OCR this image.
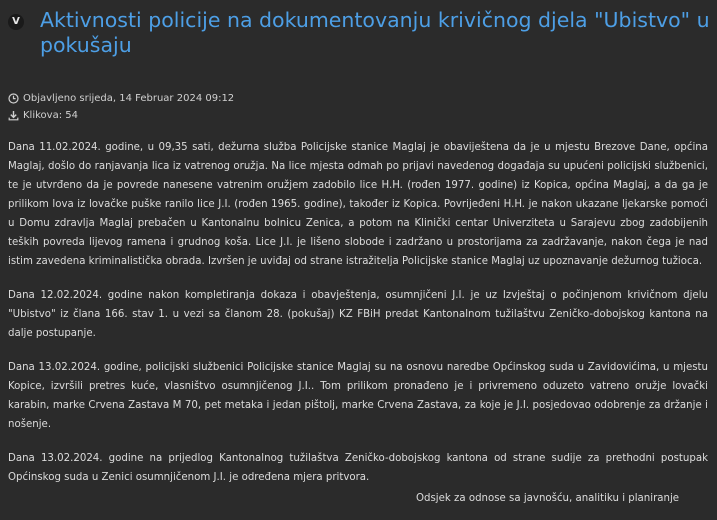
V Aktivnosti policije na dokumentovanju krivičnog djela "Ubistvo" u pokušaju
Objavljeno srijeda, 14 Februar 2024 09:12
Klikova: 54

Dana 11.02.2024. godine, u 09,35 sati, dežurna služba Policijske stanice Maglaj je obaviještena da je u mjestu Brezove Dane, općina Maglaj, došlo do ranjavanja lica iz vatrenog oružja. Na lice mjesta odmah po prijavi navedenog događaja su upućeni policijski službenici, te je utvrđeno da je povrede nanesene vatrenim oružjem zadobilo lice H.H. (rođen 1977. godine) iz Kopica, općina Maglaj, a da ga je prilikom lova iz lovačke puške ranilo lice J.I. (rođen 1965. godine), također iz Kopica. Povrijeđeni H.H. je nakon ukazane ljekarske pomoći u Domu zdravlja Maglaj prebačen u Kantonalnu bolnicu Zenica, a potom na Klinički centar Univerziteta u Sarajevu zbog zadobijenih teških povreda lijevog ramena i grudnog koša. Lice J.I. je lišeno slobode i zadržano u prostorijama za zadržavanje, nakon čega je nad istim zavedena kriminalistička obrada. Izvršen je uviđaj od strane istražitelja Policijske stanice Maglaj uz upoznavanje dežurnog tužioca.

Dana 12.02.2024. godine nakon kompletiranja dokaza i obavještenja, osumnjičeni J.I. je uz Izvještaj o počinjenom krivičnom djelu "Ubistvo" iz člana 166. stav 1. u vezi sa članom 28. (pokušaj) KZ FBiH predat Kantonalnom tužilaštvu Zeničko-dobojskog kantona na dalje postupanje.

Dana 13.02.2024. godine, policijski službenici Policijske stanice Maglaj su na osnovu naredbe Općinskog suda u Zavidovićima, u mjestu Kopice, izvršili pretres kuće, vlasništvo osumnjičenog J.I.. Tom prilikom pronađeno je i privremeno oduzeto vatreno oružje lovački karabin, marke Crvena Zastava M 70, pet metaka i jedan pištolj, marke Crvena Zastava, za koje je J.I. posjedovao odobrenje za držanje i nošenje.

Dana 13.02.2024. godine na prijedlog Kantonalnog tužilaštva Zeničko-dobojskog kantona od strane sudije za prethodni postupak Općinskog suda u Zenici osumnjičenom J.I. je određena mjera pritvora.

Odsjek za odnose sa javnošću, analitiku i planiranje
